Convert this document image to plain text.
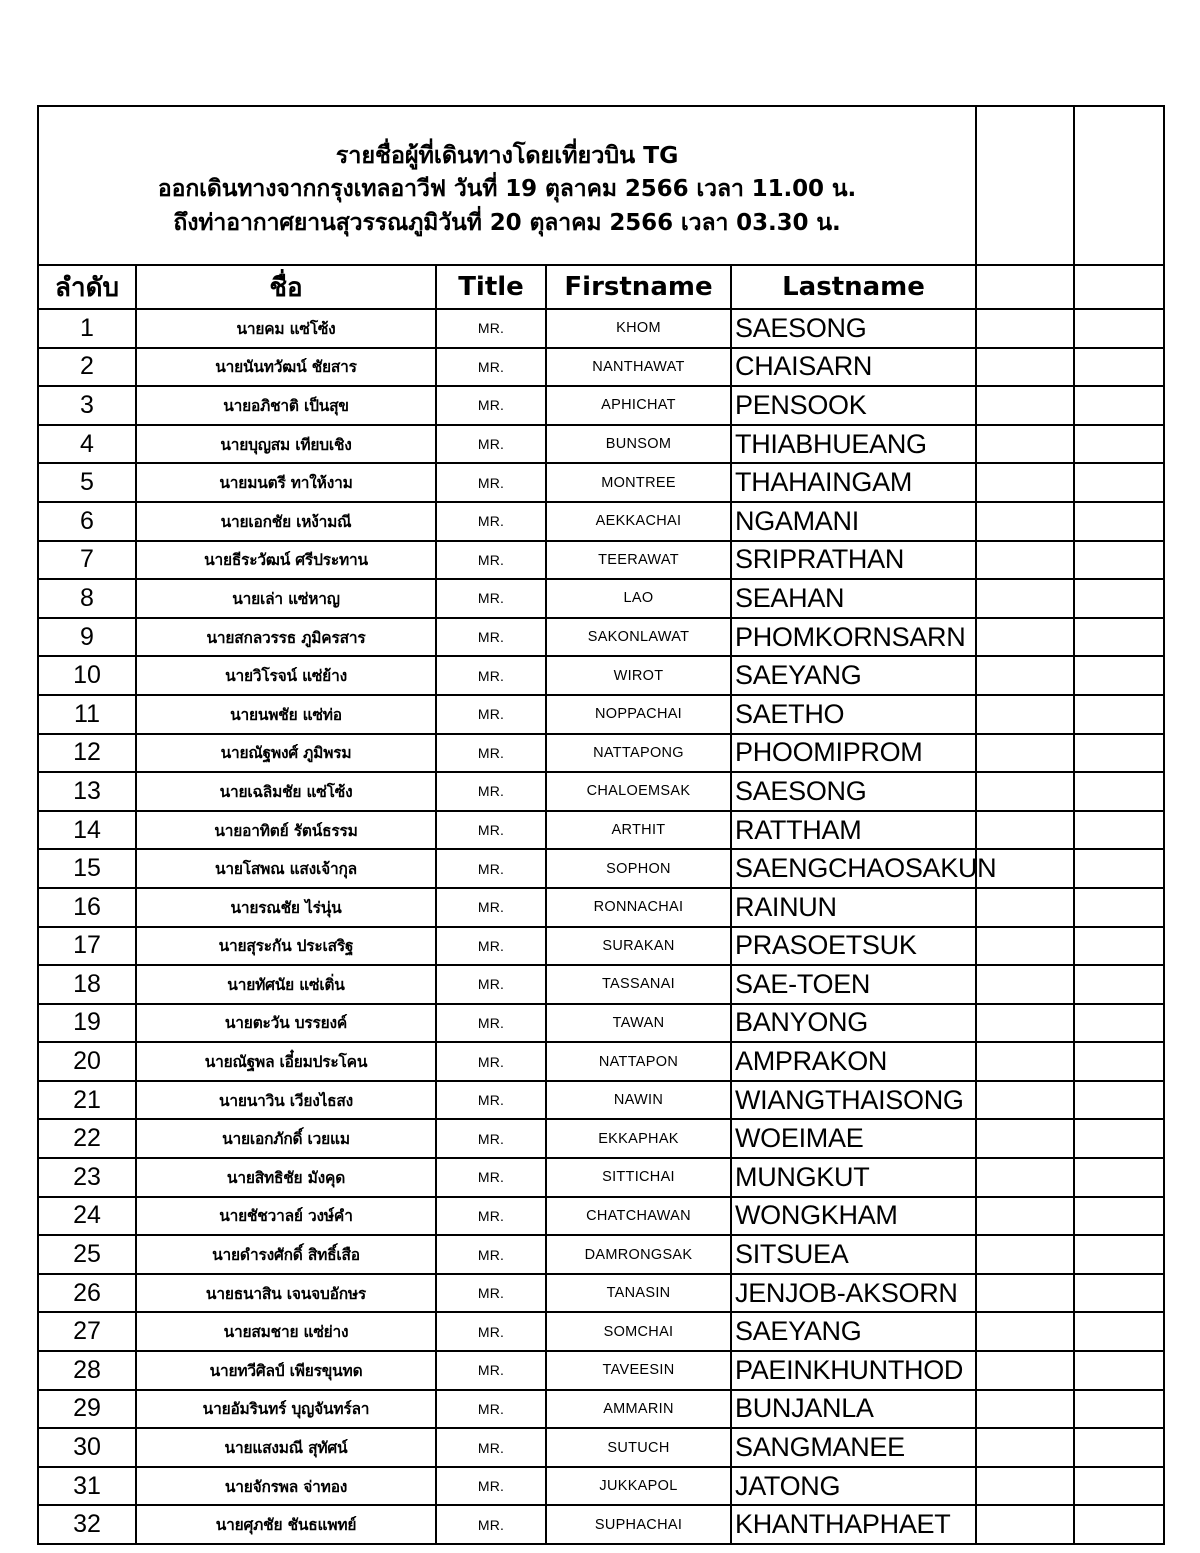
รายชื่อผู้ที่เดินทางโดยเที่ยวบิน TG
ออกเดินทางจากกรุงเทลอาวีฟ วันที่ 19 ตุลาคม 2566 เวลา 11.00 น.
ถึงท่าอากาศยานสุวรรณภูมิวันที่ 20 ตุลาคม 2566 เวลา 03.30 น.						

ลำดับ	ชื่อ	Title	Firstname	Lastname		
1	นายคม แซ่โซ้ง	MR.	KHOM	SAESONG		
2	นายนันทวัฒน์ ชัยสาร	MR.	NANTHAWAT	CHAISARN		
3	นายอภิชาติ เป็นสุข	MR.	APHICHAT	PENSOOK		
4	นายบุญสม เทียบเชิง	MR.	BUNSOM	THIABHUEANG		
5	นายมนตรี ทาให้งาม	MR.	MONTREE	THAHAINGAM		
6	นายเอกชัย เหง้ามณี	MR.	AEKKACHAI	NGAMANI		
7	นายธีระวัฒน์ ศรีประทาน	MR.	TEERAWAT	SRIPRATHAN		
8	นายเล่า แซ่หาญ	MR.	LAO	SEAHAN		
9	นายสกลวรรธ ภูมิครสาร	MR.	SAKONLAWAT	PHOMKORNSARN		
10	นายวิโรจน์ แซ่ย้าง	MR.	WIROT	SAEYANG		
11	นายนพชัย แซ่ท่อ	MR.	NOPPACHAI	SAETHO		
12	นายณัฐพงศ์ ภูมิพรม	MR.	NATTAPONG	PHOOMIPROM		
13	นายเฉลิมชัย แซ่โซ้ง	MR.	CHALOEMSAK	SAESONG		
14	นายอาทิตย์ รัตน์ธรรม	MR.	ARTHIT	RATTHAM		
15	นายโสพณ แสงเจ้ากุล	MR.	SOPHON	SAENGCHAOSAKUN		
16	นายรณชัย ไร่นุ่น	MR.	RONNACHAI	RAINUN		
17	นายสุระกัน ประเสริฐ	MR.	SURAKAN	PRASOETSUK		
18	นายทัศนัย แซ่เติ่น	MR.	TASSANAI	SAE-TOEN		
19	นายตะวัน บรรยงค์	MR.	TAWAN	BANYONG		
20	นายณัฐพล เอี๋ยมประโคน	MR.	NATTAPON	AMPRAKON		
21	นายนาวิน เวียงไธสง	MR.	NAWIN	WIANGTHAISONG		
22	นายเอกภักดิ์ เวยแม	MR.	EKKAPHAK	WOEIMAE		
23	นายสิทธิชัย มังคุด	MR.	SITTICHAI	MUNGKUT		
24	นายชัชวาลย์ วงษ์คำ	MR.	CHATCHAWAN	WONGKHAM		
25	นายดำรงศักดิ์ สิทธิ์เสือ	MR.	DAMRONGSAK	SITSUEA		
26	นายธนาสิน เจนจบอักษร	MR.	TANASIN	JENJOB-AKSORN		
27	นายสมชาย แซ่ย่าง	MR.	SOMCHAI	SAEYANG		
28	นายทวีศิลป์ เพียรขุนทด	MR.	TAVEESIN	PAEINKHUNTHOD		
29	นายอัมรินทร์ บุญจันทร์ลา	MR.	AMMARIN	BUNJANLA		
30	นายแสงมณี สุทัศน์	MR.	SUTUCH	SANGMANEE		
31	นายจักรพล จ่าทอง	MR.	JUKKAPOL	JATONG		
32	นายศุภชัย ชันธแพทย์	MR.	SUPHACHAI	KHANTHAPHAET		
